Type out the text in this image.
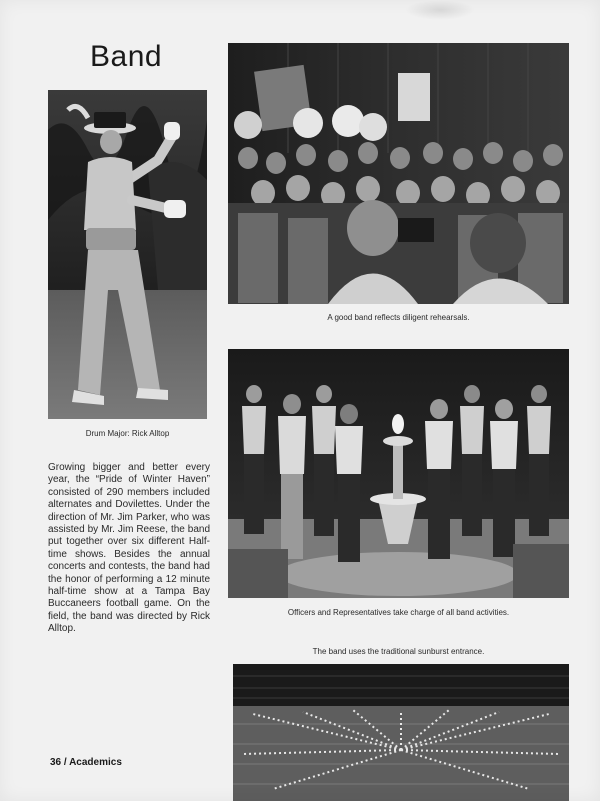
Band
Drum Major: Rick Alltop
A good band reflects diligent rehearsals.
Officers and Representatives take charge of all band activities.
The band uses the traditional sunburst entrance.

Growing bigger and better every year, the “Pride of Winter Haven” consisted of 290 members included alternates and Dovilettes. Under the direction of Mr. Jim Parker, who was assisted by Mr. Jim Reese, the band put together over six different Half-time shows. Besides the annual concerts and contests, the band had the honor of performing a 12 minute half-time show at a Tampa Bay Buccaneers football game. On the field, the band was directed by Rick Alltop.

36 / Academics
